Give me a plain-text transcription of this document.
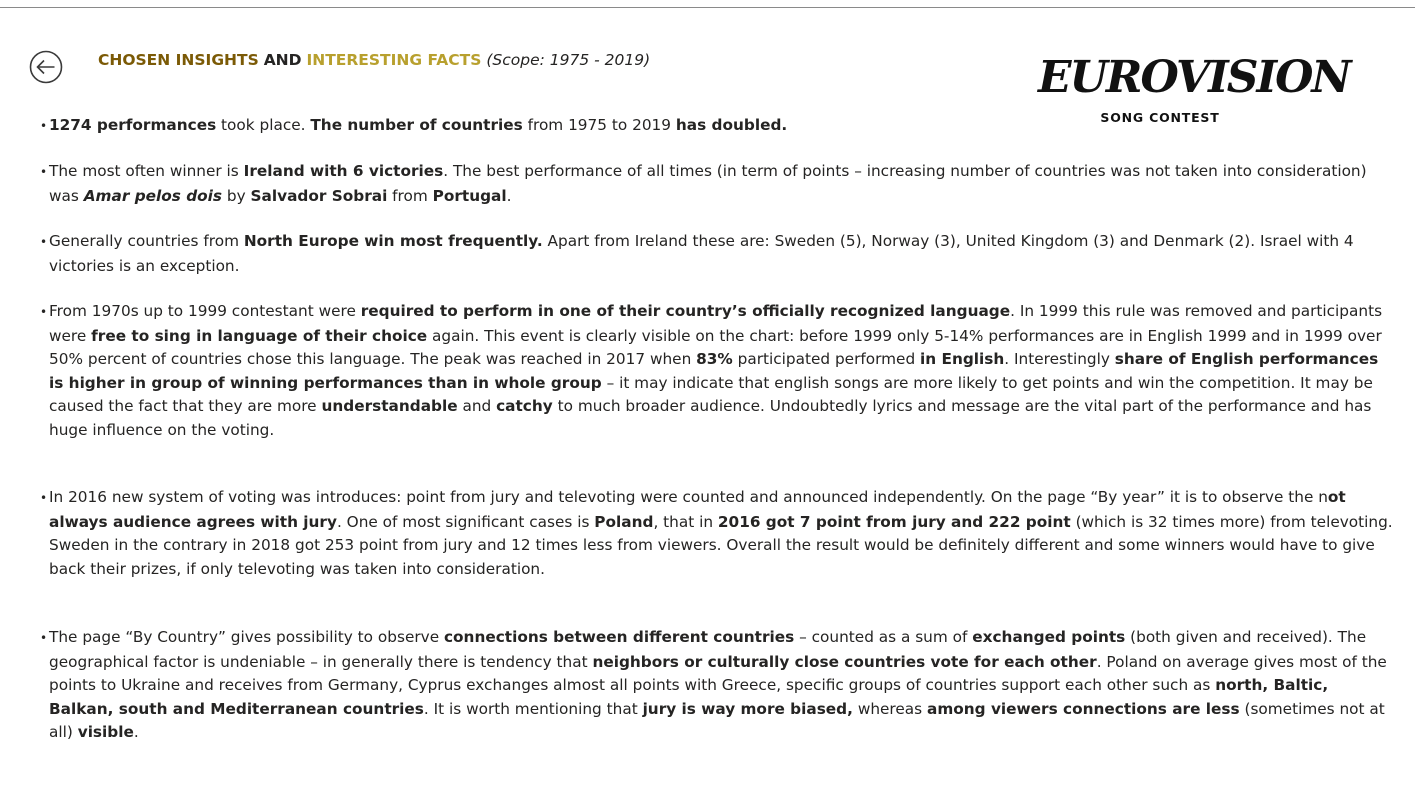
CHOSEN INSIGHTS AND INTERESTING FACTS (Scope: 1975 - 2019)	EUROVISION
SONG CONTEST
• 1274 performances took place. The number of countries from 1975 to 2019 has doubled.
• The most often winner is Ireland with 6 victories. The best performance of all times (in term of points – increasing number of countries was not taken into consideration) was Amar pelos dois by Salvador Sobrai from Portugal.
• Generally countries from North Europe win most frequently. Apart from Ireland these are: Sweden (5), Norway (3), United Kingdom (3) and Denmark (2). Israel with 4 victories is an exception.
• From 1970s up to 1999 contestant were required to perform in one of their country’s officially recognized language. In 1999 this rule was removed and participants were free to sing in language of their choice again. This event is clearly visible on the chart: before 1999 only 5-14% performances are in English 1999 and in 1999 over 50% percent of countries chose this language. The peak was reached in 2017 when 83% participated performed in English. Interestingly share of English performances is higher in group of winning performances than in whole group – it may indicate that english songs are more likely to get points and win the competition. It may be caused the fact that they are more understandable and catchy to much broader audience. Undoubtedly lyrics and message are the vital part of the performance and has huge influence on the voting.
• In 2016 new system of voting was introduces: point from jury and televoting were counted and announced independently. On the page “By year” it is to observe the not always audience agrees with jury. One of most significant cases is Poland, that in 2016 got 7 point from jury and 222 point (which is 32 times more) from televoting. Sweden in the contrary in 2018 got 253 point from jury and 12 times less from viewers. Overall the result would be definitely different and some winners would have to give back their prizes, if only televoting was taken into consideration.
• The page “By Country” gives possibility to observe connections between different countries – counted as a sum of exchanged points (both given and received). The geographical factor is undeniable – in generally there is tendency that neighbors or culturally close countries vote for each other. Poland on average gives most of the points to Ukraine and receives from Germany, Cyprus exchanges almost all points with Greece, specific groups of countries support each other such as north, Baltic, Balkan, south and Mediterranean countries. It is worth mentioning that jury is way more biased, whereas among viewers connections are less (sometimes not at all) visible.
